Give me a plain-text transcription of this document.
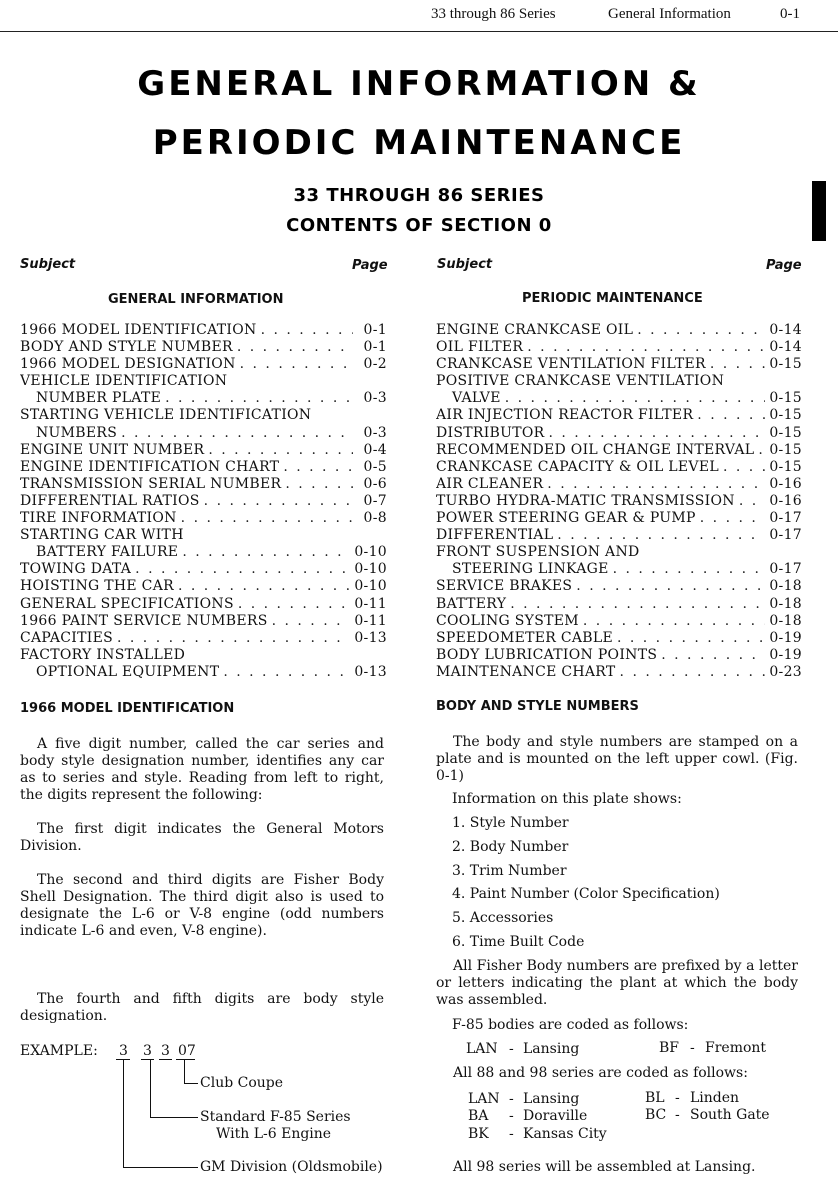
33 through 86 Series	General Information	0-1
GENERAL INFORMATION &
PERIODIC MAINTENANCE
33 THROUGH 86 SERIES
CONTENTS OF SECTION 0
Subject	Page	Subject	Page
GENERAL INFORMATION	PERIODIC MAINTENANCE
1966 MODEL IDENTIFICATION . . .	0-1
BODY AND STYLE NUMBER . . .	0-1
1966 MODEL DESIGNATION . . .	0-2
VEHICLE IDENTIFICATION
NUMBER PLATE . . .	0-3
STARTING VEHICLE IDENTIFICATION
NUMBERS . . .	0-3
ENGINE UNIT NUMBER . . .	0-4
ENGINE IDENTIFICATION CHART . . .	0-5
TRANSMISSION SERIAL NUMBER . . .	0-6
DIFFERENTIAL RATIOS . . .	0-7
TIRE INFORMATION . . .	0-8
STARTING CAR WITH
BATTERY FAILURE . . .	0-10
TOWING DATA . . .	0-10
HOISTING THE CAR . . .	0-10
GENERAL SPECIFICATIONS . . .	0-11
1966 PAINT SERVICE NUMBERS . . .	0-11
CAPACITIES . . .	0-13
FACTORY INSTALLED
OPTIONAL EQUIPMENT . . .	0-13
ENGINE CRANKCASE OIL . . .	0-14
OIL FILTER . . .	0-14
CRANKCASE VENTILATION FILTER . . .	0-15
POSITIVE CRANKCASE VENTILATION
VALVE . . .	0-15
AIR INJECTION REACTOR FILTER . . .	0-15
DISTRIBUTOR . . .	0-15
RECOMMENDED OIL CHANGE INTERVAL . . . 0-15
CRANKCASE CAPACITY & OIL LEVEL . . .	0-15
AIR CLEANER . . .	0-16
TURBO HYDRA-MATIC TRANSMISSION . . . 0-16
POWER STEERING GEAR & PUMP . . .	0-17
DIFFERENTIAL . . .	0-17
FRONT SUSPENSION AND
STEERING LINKAGE . . .	0-17
SERVICE BRAKES . . .	0-18
BATTERY . . .	0-18
COOLING SYSTEM . . .	0-18
SPEEDOMETER CABLE . . .	0-19
BODY LUBRICATION POINTS . . .	0-19
MAINTENANCE CHART . . .	0-23
1966 MODEL IDENTIFICATION

A five digit number, called the car series and body style designation number, identifies any car as to series and style. Reading from left to right, the digits represent the following:

The first digit indicates the General Motors Division.

The second and third digits are Fisher Body Shell Designation. The third digit also is used to designate the L-6 or V-8 engine (odd numbers indicate L-6 and even, V-8 engine).

The fourth and fifth digits are body style designation.

EXAMPLE: 3 3 3 07
Club Coupe
Standard F-85 Series
With L-6 Engine
GM Division (Oldsmobile)
BODY AND STYLE NUMBERS

The body and style numbers are stamped on a plate and is mounted on the left upper cowl. (Fig. 0-1)

Information on this plate shows:
1. Style Number
2. Body Number
3. Trim Number
4. Paint Number (Color Specification)
5. Accessories
6. Time Built Code

All Fisher Body numbers are prefixed by a letter or letters indicating the plant at which the body was assembled.

F-85 bodies are coded as follows:
LAN - Lansing	BF - Fremont

All 88 and 98 series are coded as follows:

LAN - Lansing	BL - Linden
BA - Doraville	BC - South Gate
BK - Kansas City

All 98 series will be assembled at Lansing.
